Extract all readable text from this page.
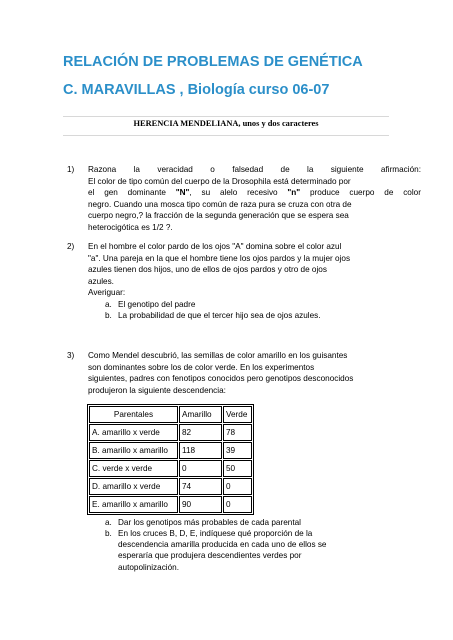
RELACIÓN DE PROBLEMAS DE GENÉTICA
C. MARAVILLAS , Biología curso 06-07
HERENCIA MENDELIANA, unos y dos caracteres
1) Razona la veracidad o falsedad de la siguiente afirmación:
El color de tipo común del cuerpo de la Drosophila está determinado por
el gen dominante "N", su alelo recesivo "n" produce cuerpo de color
negro. Cuando una mosca tipo común de raza pura se cruza con otra de
cuerpo negro,? la fracción de la segunda generación que se espera sea
heterocigótica es 1/2 ?.
2) En el hombre el color pardo de los ojos "A" domina sobre el color azul
"a". Una pareja en la que el hombre tiene los ojos pardos y la mujer ojos
azules tienen dos hijos, uno de ellos de ojos pardos y otro de ojos
azules.
Averiguar:
a. El genotipo del padre
b. La probabilidad de que el tercer hijo sea de ojos azules.
3) Como Mendel descubrió, las semillas de color amarillo en los guisantes
son dominantes sobre los de color verde. En los experimentos
siguientes, padres con fenotipos conocidos pero genotipos desconocidos
produjeron la siguiente descendencia:
Parentales	Amarillo	Verde
A. amarillo x verde	82	78
B. amarillo x amarillo	118	39
C. verde x verde	0	50
D. amarillo x verde	74	0
E. amarillo x amarillo	90	0
a. Dar los genotipos más probables de cada parental
b. En los cruces B, D, E, indíquese qué proporción de la
descendencia amarilla producida en cada uno de ellos se
esperaría que produjera descendientes verdes por
autopolinización.
